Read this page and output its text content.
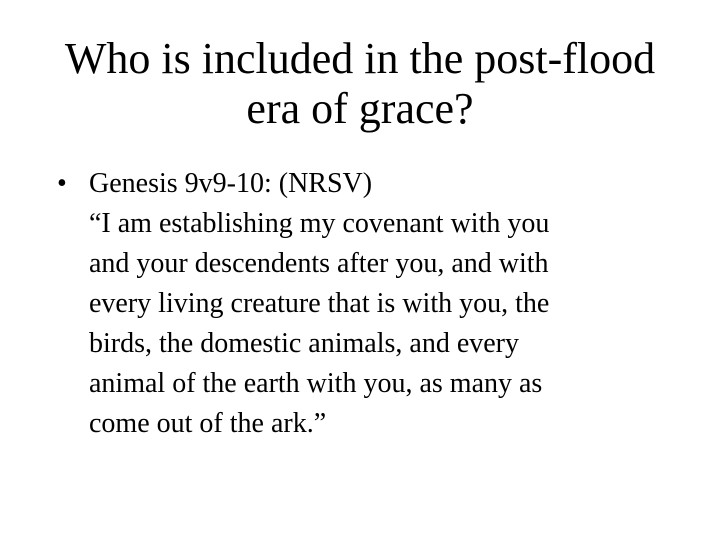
Who is included in the post-flood
era of grace?
• Genesis 9v9-10: (NRSV)
“I am establishing my covenant with you
and your descendents after you, and with
every living creature that is with you, the
birds, the domestic animals, and every
animal of the earth with you, as many as
come out of the ark.”
